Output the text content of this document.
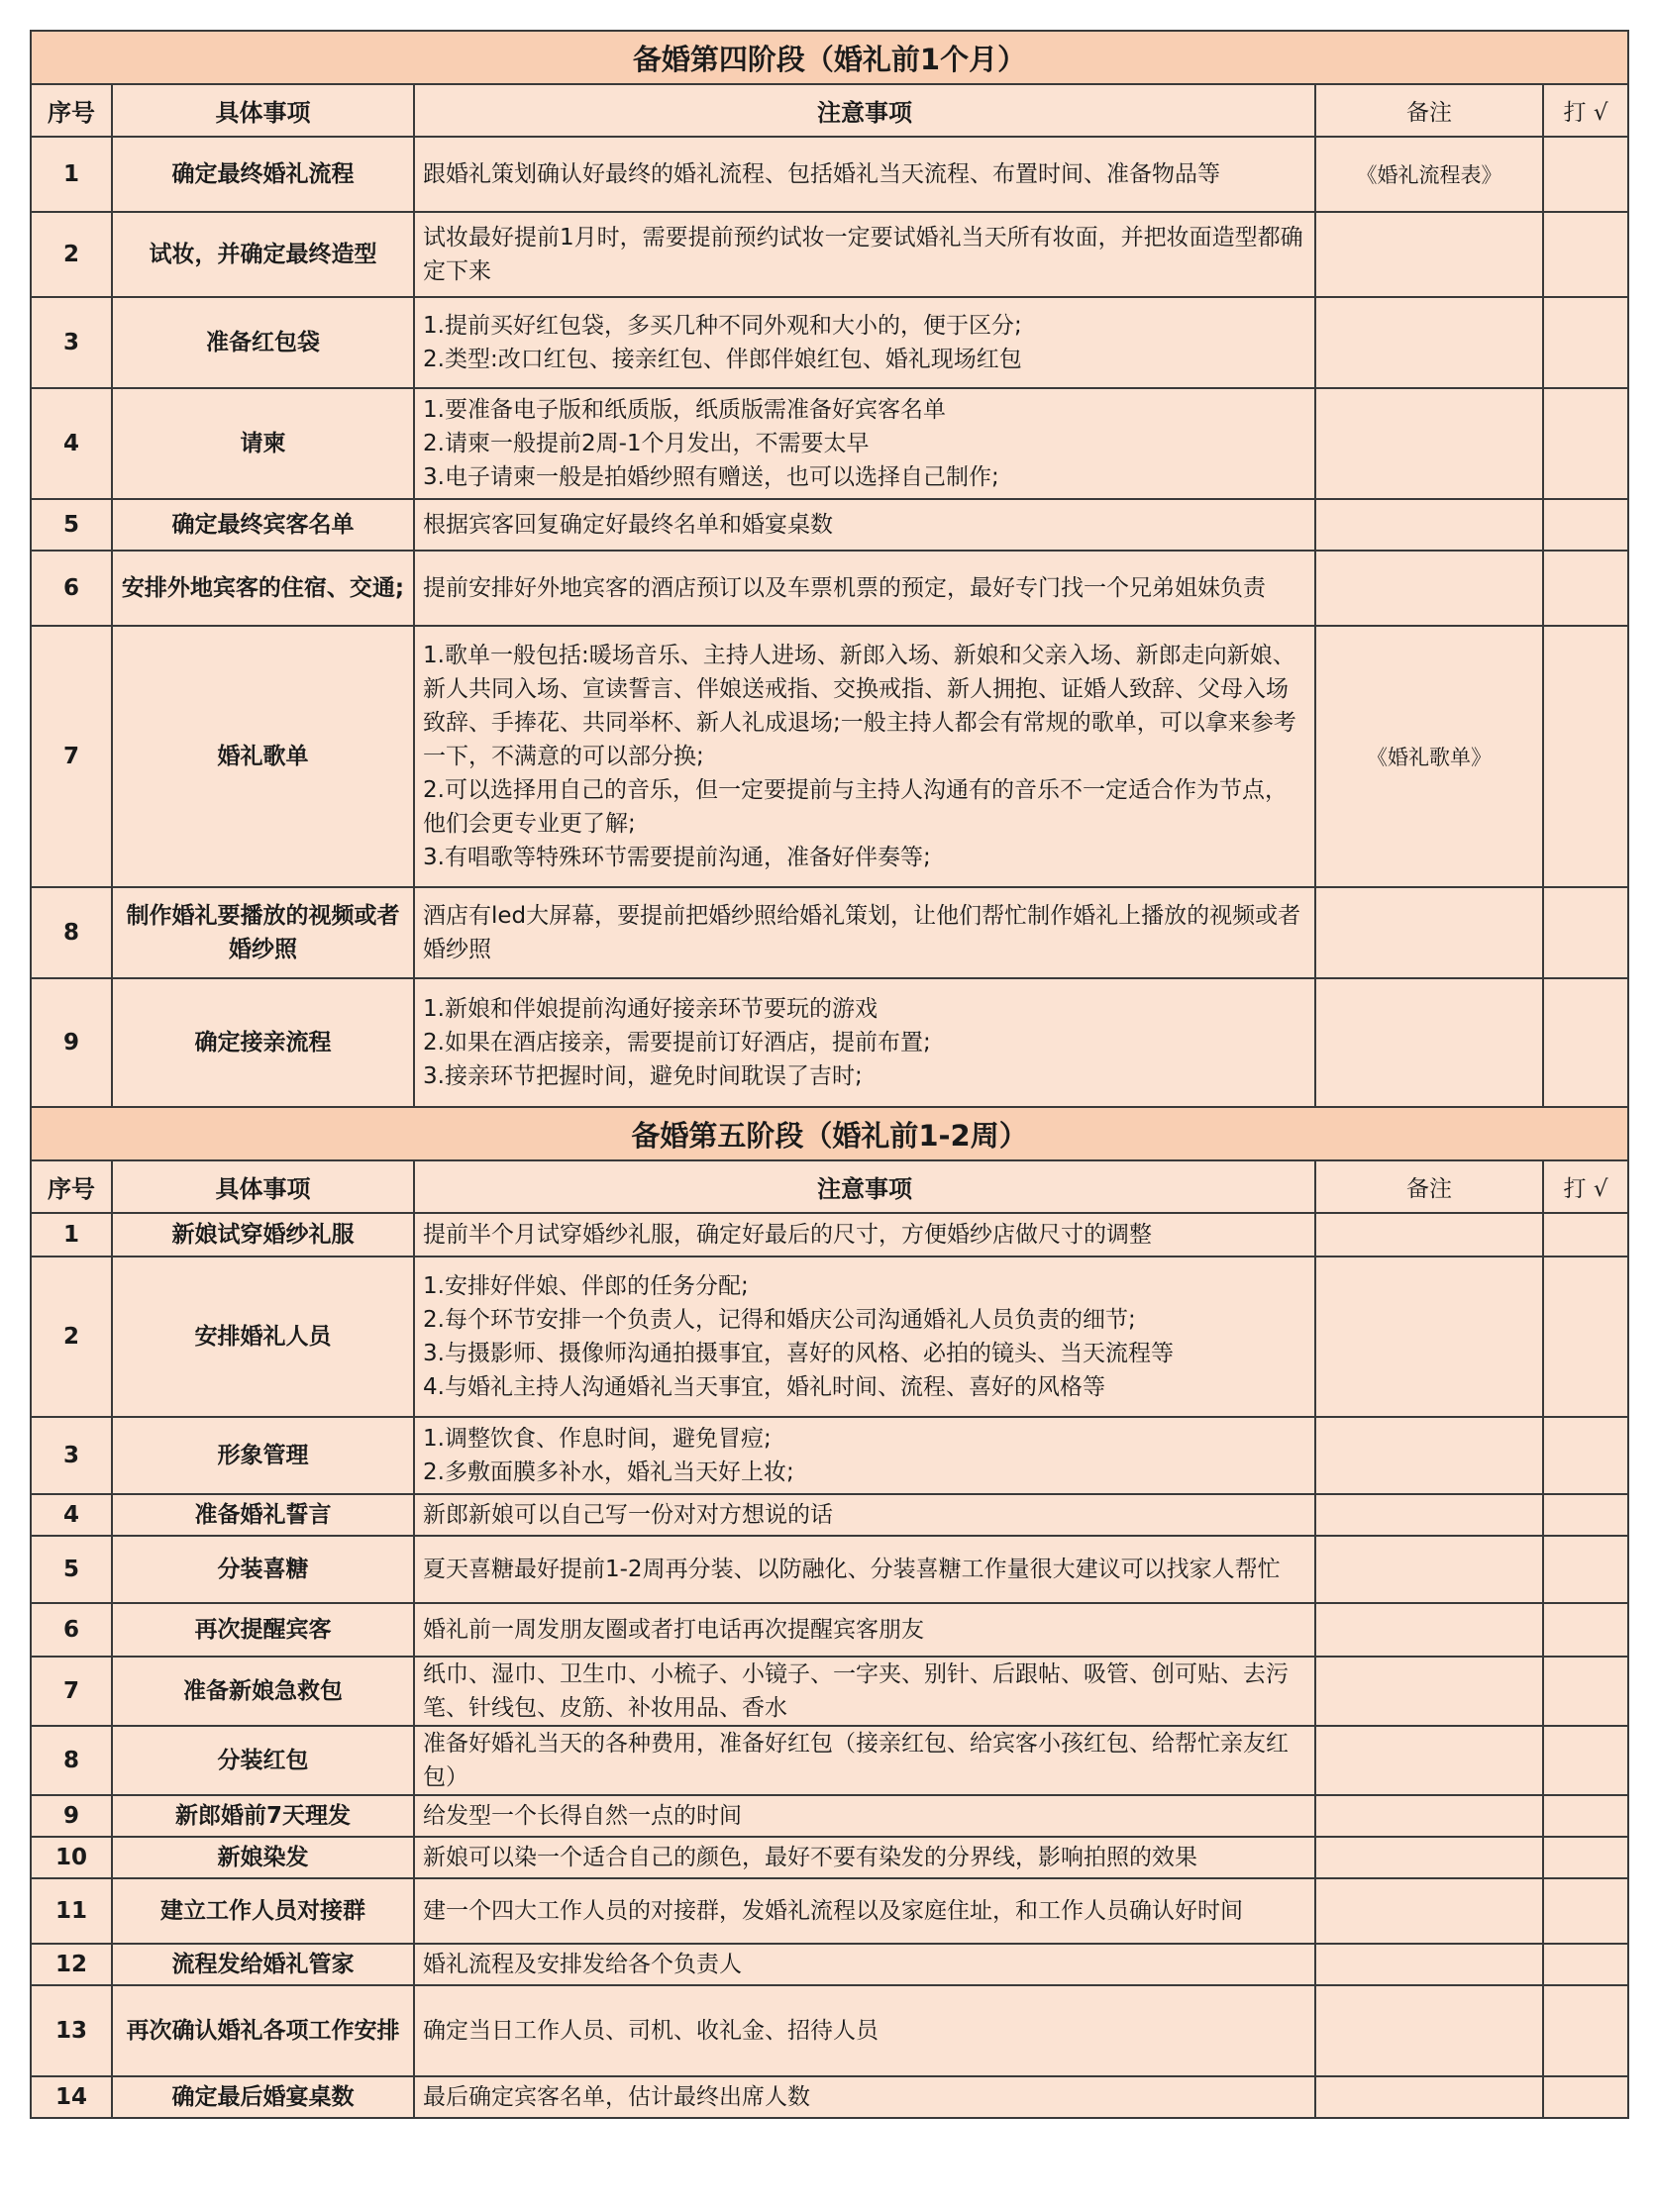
备婚第四阶段（婚礼前1个月）				
序号	具体事项	注意事项	备注	打 √
1	确定最终婚礼流程	跟婚礼策划确认好最终的婚礼流程、包括婚礼当天流程、布置时间、准备物品等	《婚礼流程表》	
2	试妆，并确定最终造型	试妆最好提前1月时，需要提前预约试妆一定要试婚礼当天所有妆面，并把妆面造型都确定下来		
3	准备红包袋	1.提前买好红包袋，多买几种不同外观和大小的，便于区分;
2.类型:改口红包、接亲红包、伴郎伴娘红包、婚礼现场红包		
4	请柬	1.要准备电子版和纸质版，纸质版需准备好宾客名单
2.请柬一般提前2周-1个月发出，不需要太早
3.电子请柬一般是拍婚纱照有赠送，也可以选择自己制作;		
5	确定最终宾客名单	根据宾客回复确定好最终名单和婚宴桌数		
6	安排外地宾客的住宿、交通;	提前安排好外地宾客的酒店预订以及车票机票的预定，最好专门找一个兄弟姐妹负责		
7	婚礼歌单	1.歌单一般包括:暖场音乐、主持人进场、新郎入场、新娘和父亲入场、新郎走向新娘、新人共同入场、宣读誓言、伴娘送戒指、交换戒指、新人拥抱、证婚人致辞、父母入场致辞、手捧花、共同举杯、新人礼成退场;一般主持人都会有常规的歌单，可以拿来参考一下，不满意的可以部分换;
2.可以选择用自己的音乐，但一定要提前与主持人沟通有的音乐不一定适合作为节点，他们会更专业更了解;
3.有唱歌等特殊环节需要提前沟通，准备好伴奏等;	《婚礼歌单》	
8	制作婚礼要播放的视频或者婚纱照	酒店有led大屏幕，要提前把婚纱照给婚礼策划，让他们帮忙制作婚礼上播放的视频或者婚纱照		
9	确定接亲流程	1.新娘和伴娘提前沟通好接亲环节要玩的游戏
2.如果在酒店接亲，需要提前订好酒店，提前布置;
3.接亲环节把握时间，避免时间耽误了吉时;		
备婚第五阶段（婚礼前1-2周）				
序号	具体事项	注意事项	备注	打 √
1	新娘试穿婚纱礼服	提前半个月试穿婚纱礼服，确定好最后的尺寸，方便婚纱店做尺寸的调整		
2	安排婚礼人员	1.安排好伴娘、伴郎的任务分配;
2.每个环节安排一个负责人，记得和婚庆公司沟通婚礼人员负责的细节;
3.与摄影师、摄像师沟通拍摄事宜，喜好的风格、必拍的镜头、当天流程等
4.与婚礼主持人沟通婚礼当天事宜，婚礼时间、流程、喜好的风格等		
3	形象管理	1.调整饮食、作息时间，避免冒痘;
2.多敷面膜多补水，婚礼当天好上妆;		
4	准备婚礼誓言	新郎新娘可以自己写一份对对方想说的话		
5	分装喜糖	夏天喜糖最好提前1-2周再分装、以防融化、分装喜糖工作量很大建议可以找家人帮忙		
6	再次提醒宾客	婚礼前一周发朋友圈或者打电话再次提醒宾客朋友		
7	准备新娘急救包	纸巾、湿巾、卫生巾、小梳子、小镜子、一字夹、别针、后跟帖、吸管、创可贴、去污笔、针线包、皮筋、补妆用品、香水		
8	分装红包	准备好婚礼当天的各种费用，准备好红包（接亲红包、给宾客小孩红包、给帮忙亲友红包）		
9	新郎婚前7天理发	给发型一个长得自然一点的时间		
10	新娘染发	新娘可以染一个适合自己的颜色，最好不要有染发的分界线，影响拍照的效果		
11	建立工作人员对接群	建一个四大工作人员的对接群，发婚礼流程以及家庭住址，和工作人员确认好时间		
12	流程发给婚礼管家	婚礼流程及安排发给各个负责人		
13	再次确认婚礼各项工作安排	确定当日工作人员、司机、收礼金、招待人员		
14	确定最后婚宴桌数	最后确定宾客名单，估计最终出席人数		
